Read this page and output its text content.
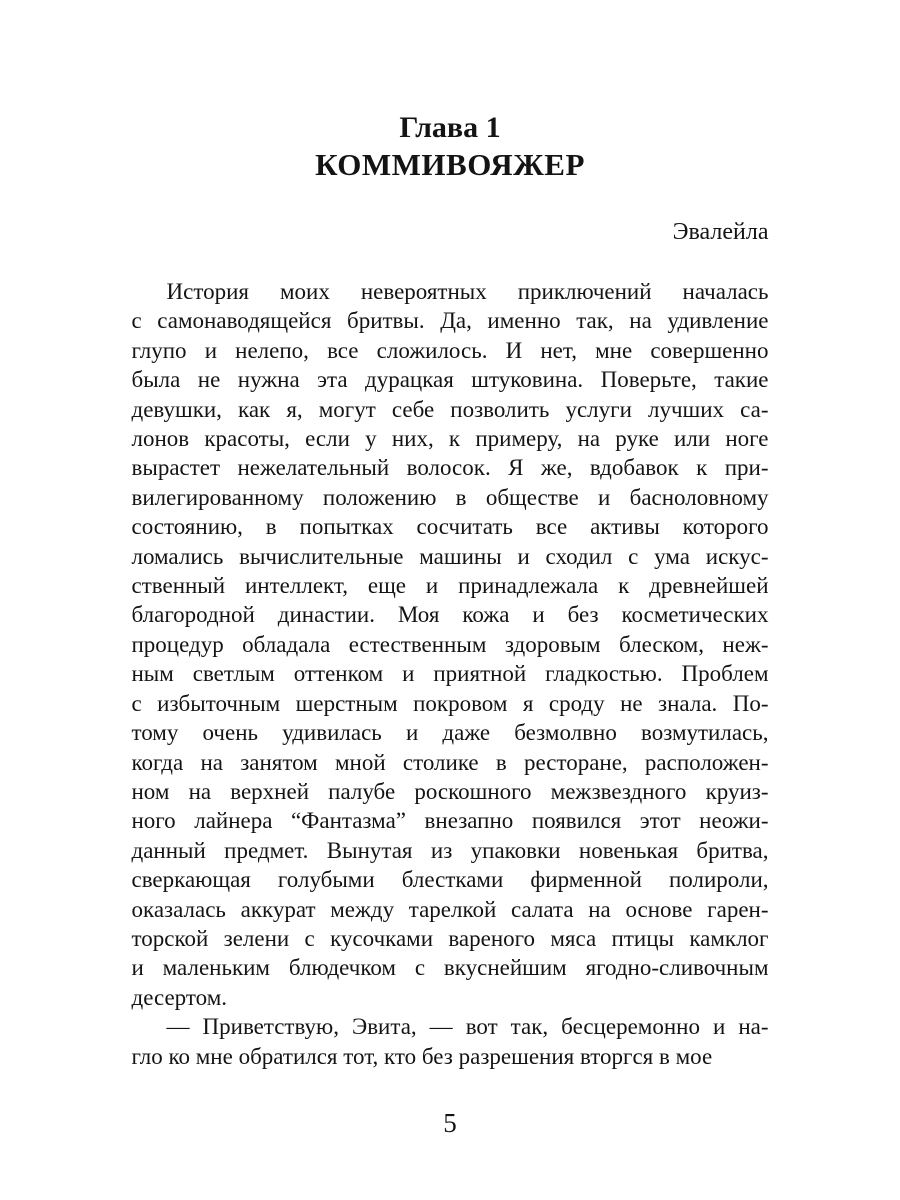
Глава 1
КОММИВОЯЖЕР
Эвалейла
История моих невероятных приключений началась
с самонаводящейся бритвы. Да, именно так, на удивление
глупо и нелепо, все сложилось. И нет, мне совершенно
была не нужна эта дурацкая штуковина. Поверьте, такие
девушки, как я, могут себе позволить услуги лучших са-
лонов красоты, если у них, к примеру, на руке или ноге
вырастет нежелательный волосок. Я же, вдобавок к при-
вилегированному положению в обществе и басноловному
состоянию, в попытках сосчитать все активы которого
ломались вычислительные машины и сходил с ума искус-
ственный интеллект, еще и принадлежала к древнейшей
благородной династии. Моя кожа и без косметических
процедур обладала естественным здоровым блеском, неж-
ным светлым оттенком и приятной гладкостью. Проблем
с избыточным шерстным покровом я сроду не знала. По-
тому очень удивилась и даже безмолвно возмутилась,
когда на занятом мной столике в ресторане, расположен-
ном на верхней палубе роскошного межзвездного круиз-
ного лайнера “Фантазма” внезапно появился этот неожи-
данный предмет. Вынутая из упаковки новенькая бритва,
сверкающая голубыми блестками фирменной полироли,
оказалась аккурат между тарелкой салата на основе гарен-
торской зелени с кусочками вареного мяса птицы камклог
и маленьким блюдечком с вкуснейшим ягодно-сливочным
десертом.
— Приветствую, Эвита, — вот так, бесцеремонно и на-
гло ко мне обратился тот, кто без разрешения вторгся в мое
5
